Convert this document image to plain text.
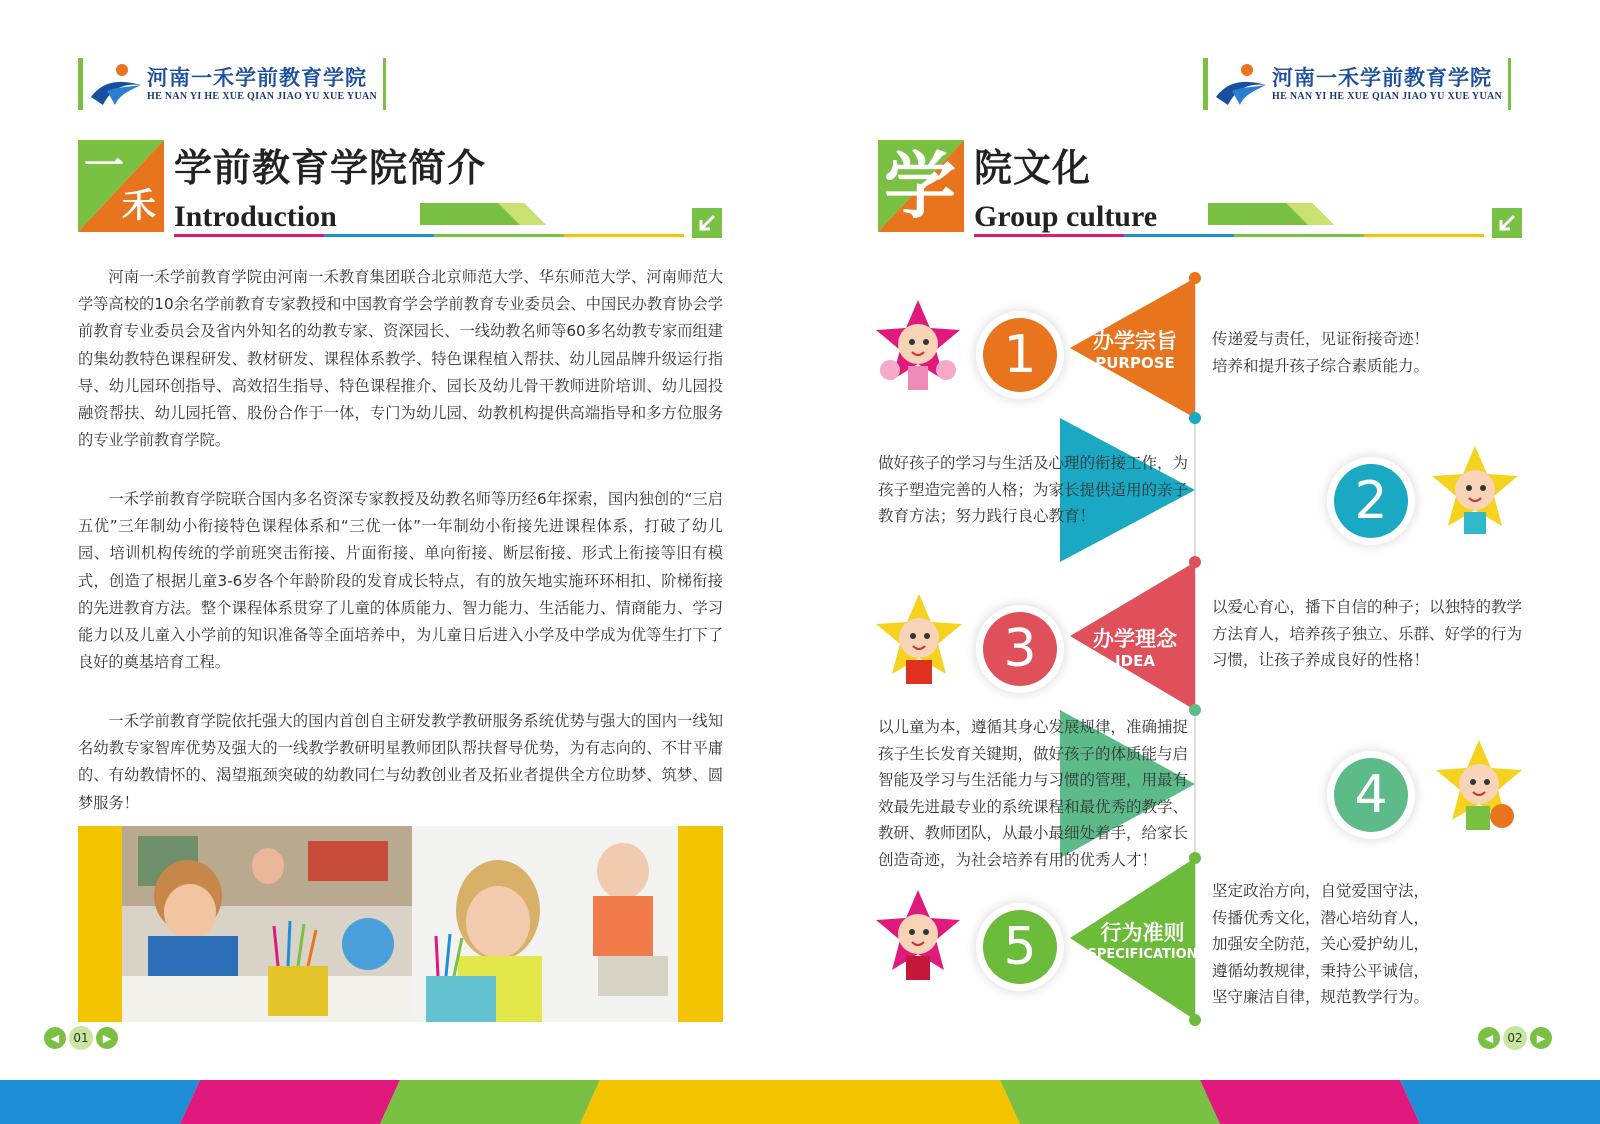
河南一禾学前教育学院
HE NAN YI HE XUE QIAN JIAO YU XUE YUAN
一
禾
学前教育学院简介
Introduction
河南一禾学前教育学院由河南一禾教育集团联合北京师范大学、华东师范大学、河南师范大学等高校的10余名学前教育专家教授和中国教育学会学前教育专业委员会、中国民办教育协会学前教育专业委员会及省内外知名的幼教专家、资深园长、一线幼教名师等60多名幼教专家而组建的集幼教特色课程研发、教材研发、课程体系教学、特色课程植入帮扶、幼儿园品牌升级运行指导、幼儿园环创指导、高效招生指导、特色课程推介、园长及幼儿骨干教师进阶培训、幼儿园投融资帮扶、幼儿园托管、股份合作于一体，专门为幼儿园、幼教机构提供高端指导和多方位服务的专业学前教育学院。
一禾学前教育学院联合国内多名资深专家教授及幼教名师等历经6年探索，国内独创的“三启五优”三年制幼小衔接特色课程体系和“三优一体”一年制幼小衔接先进课程体系，打破了幼儿园、培训机构传统的学前班突击衔接、片面衔接、单向衔接、断层衔接、形式上衔接等旧有模式，创造了根据儿童3-6岁各个年龄阶段的发育成长特点，有的放矢地实施环环相扣、阶梯衔接的先进教育方法。整个课程体系贯穿了儿童的体质能力、智力能力、生活能力、情商能力、学习能力以及儿童入小学前的知识准备等全面培养中，为儿童日后进入小学及中学成为优等生打下了良好的奠基培育工程。
一禾学前教育学院依托强大的国内首创自主研发教学教研服务系统优势与强大的国内一线知名幼教专家智库优势及强大的一线教学教研明星教师团队帮扶督导优势，为有志向的、不甘平庸的、有幼教情怀的、渴望瓶颈突破的幼教同仁与幼教创业者及拓业者提供全方位助梦、筑梦、圆梦服务！
◀	01	▶
河南一禾学前教育学院
HE NAN YI HE XUE QIAN JIAO YU XUE YUAN
学 院文化
Group culture
1	办学宗旨
PURPOSE
传递爱与责任，见证衔接奇迹！
培养和提升孩子综合素质能力。
做好孩子的学习与生活及心理的衔接工作，为孩子塑造完善的人格；为家长提供适用的亲子教育方法；努力践行良心教育！
办学使命
MISSION	2
3	办学理念
IDEA
以爱心育心，播下自信的种子；以独特的教学方法育人，培养孩子独立、乐群、好学的行为习惯，让孩子养成良好的性格！
以儿童为本，遵循其身心发展规律，准确捕捉孩子生长发育关键期，做好孩子的体质能与启智能及学习与生活能力与习惯的管理，用最有效最先进最专业的系统课程和最优秀的教学、教研、教师团队，从最小最细处着手，给家长创造奇迹，为社会培养有用的优秀人才！
办学核心
CORE	4
5	行为准则
SPECIFICATION
坚定政治方向，自觉爱国守法，
传播优秀文化，潜心培幼育人，
加强安全防范，关心爱护幼儿，
遵循幼教规律，秉持公平诚信，
坚守廉洁自律，规范教学行为。
◀	02	▶
